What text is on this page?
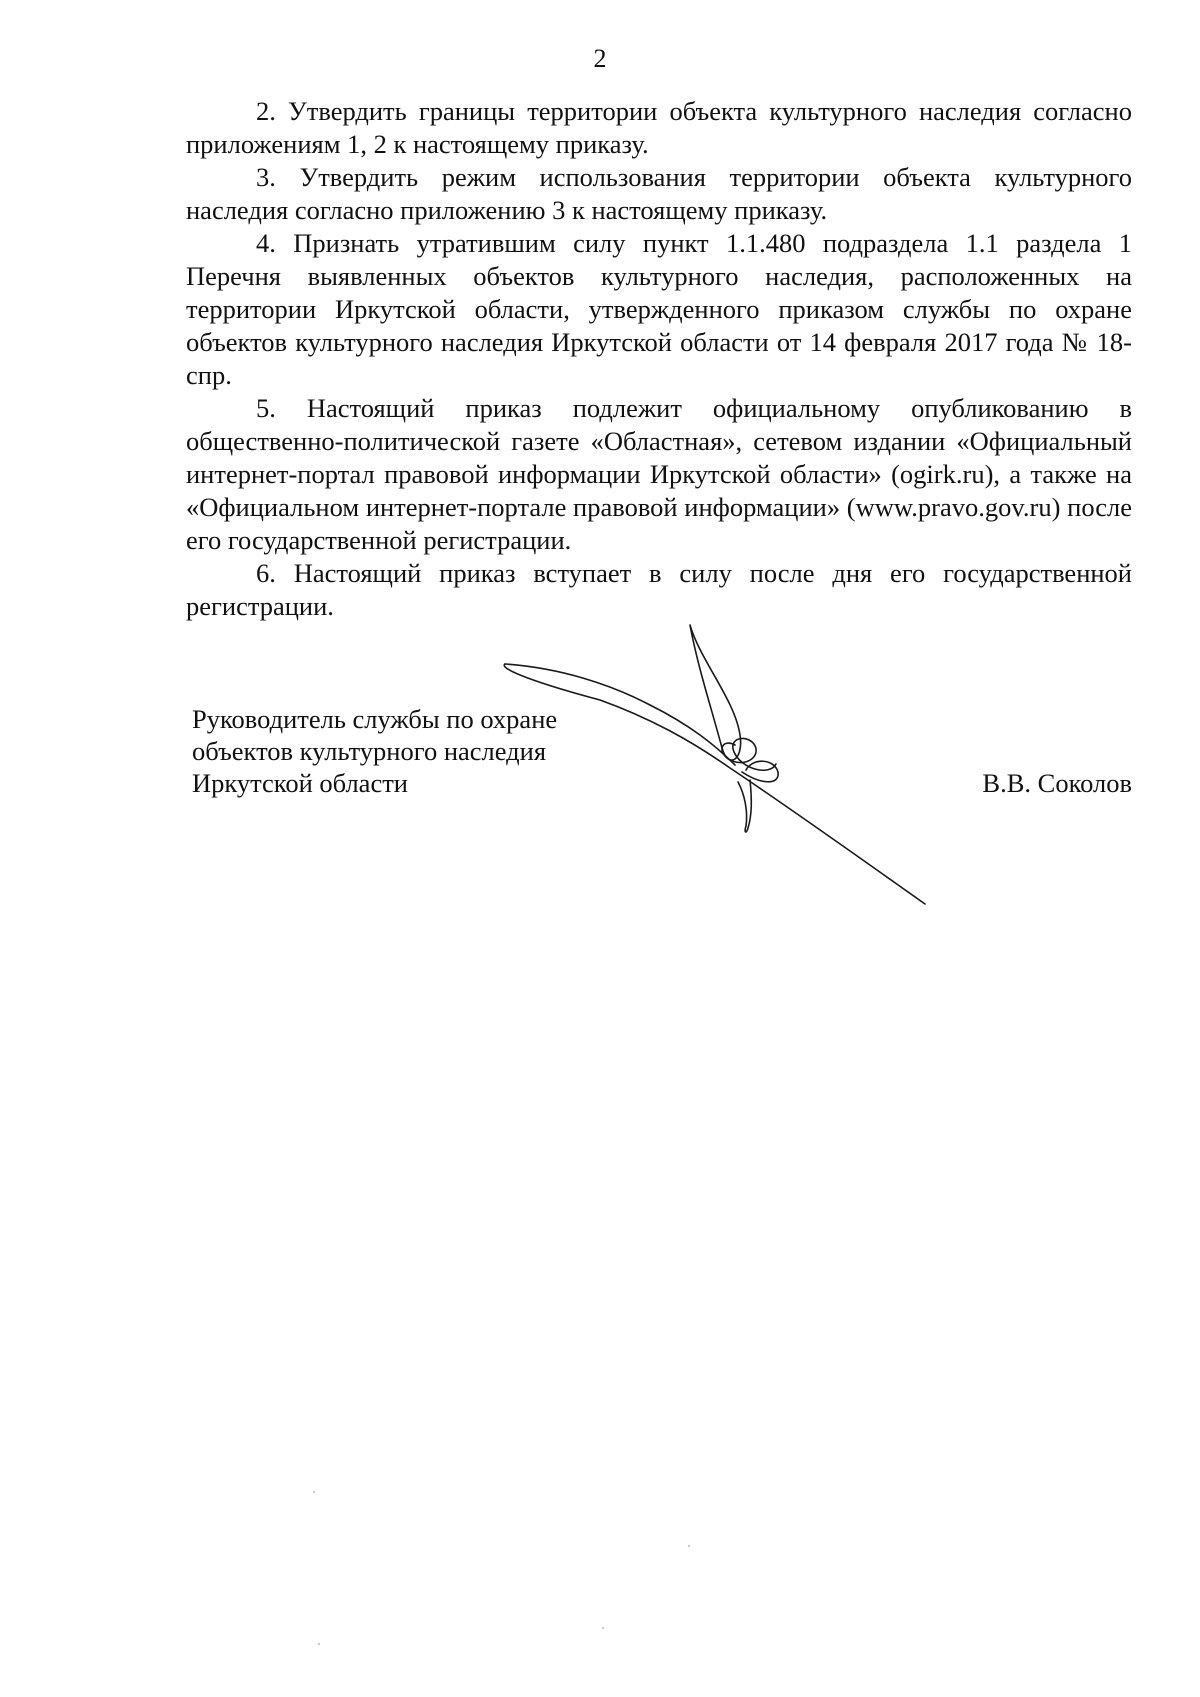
2

2. Утвердить границы территории объекта культурного наследия согласно приложениям 1, 2 к настоящему приказу.

3. Утвердить режим использования территории объекта культурного наследия согласно приложению 3 к настоящему приказу.

4. Признать утратившим силу пункт 1.1.480 подраздела 1.1 раздела 1 Перечня выявленных объектов культурного наследия, расположенных на территории Иркутской области, утвержденного приказом службы по охране объектов культурного наследия Иркутской области от 14 февраля 2017 года № 18-спр.

5. Настоящий приказ подлежит официальному опубликованию в общественно-политической газете «Областная», сетевом издании «Официальный интернет-портал правовой информации Иркутской области» (ogirk.ru), а также на «Официальном интернет-портале правовой информации» (www.pravo.gov.ru) после его государственной регистрации.

6. Настоящий приказ вступает в силу после дня его государственной регистрации.

Руководитель службы по охране
объектов культурного наследия
Иркутской области	В.В. Соколов
